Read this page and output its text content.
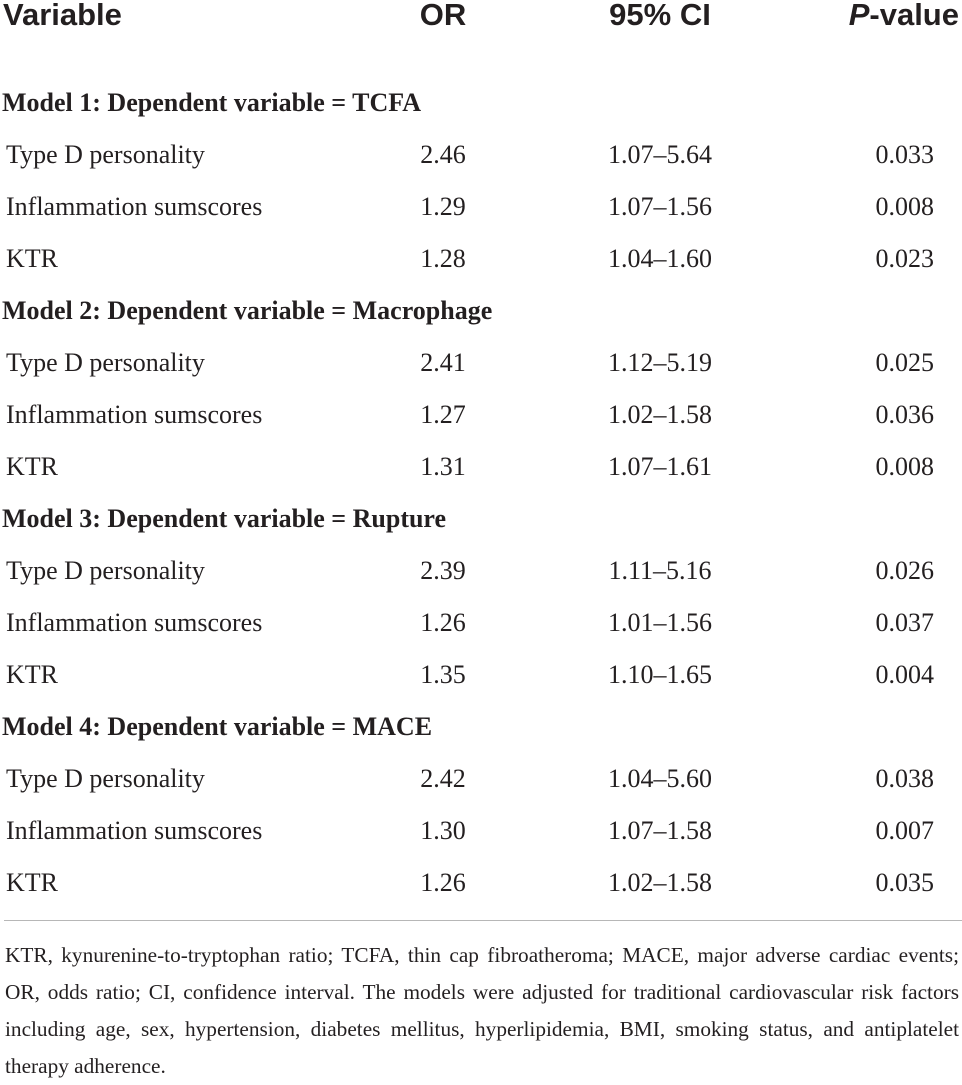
Variable	OR	95% CI	P-value
Model 1: Dependent variable = TCFA
Type D personality	2.46	1.07–5.64	0.033
Inflammation sumscores	1.29	1.07–1.56	0.008
KTR	1.28	1.04–1.60	0.023
Model 2: Dependent variable = Macrophage
Type D personality	2.41	1.12–5.19	0.025
Inflammation sumscores	1.27	1.02–1.58	0.036
KTR	1.31	1.07–1.61	0.008
Model 3: Dependent variable = Rupture
Type D personality	2.39	1.11–5.16	0.026
Inflammation sumscores	1.26	1.01–1.56	0.037
KTR	1.35	1.10–1.65	0.004
Model 4: Dependent variable = MACE
Type D personality	2.42	1.04–5.60	0.038
Inflammation sumscores	1.30	1.07–1.58	0.007
KTR	1.26	1.02–1.58	0.035
KTR, kynurenine-to-tryptophan ratio; TCFA, thin cap fibroatheroma; MACE, major adverse cardiac events; OR, odds ratio; CI, confidence interval. The models were adjusted for traditional cardiovascular risk factors including age, sex, hypertension, diabetes mellitus, hyperlipidemia, BMI, smoking status, and antiplatelet therapy adherence.
